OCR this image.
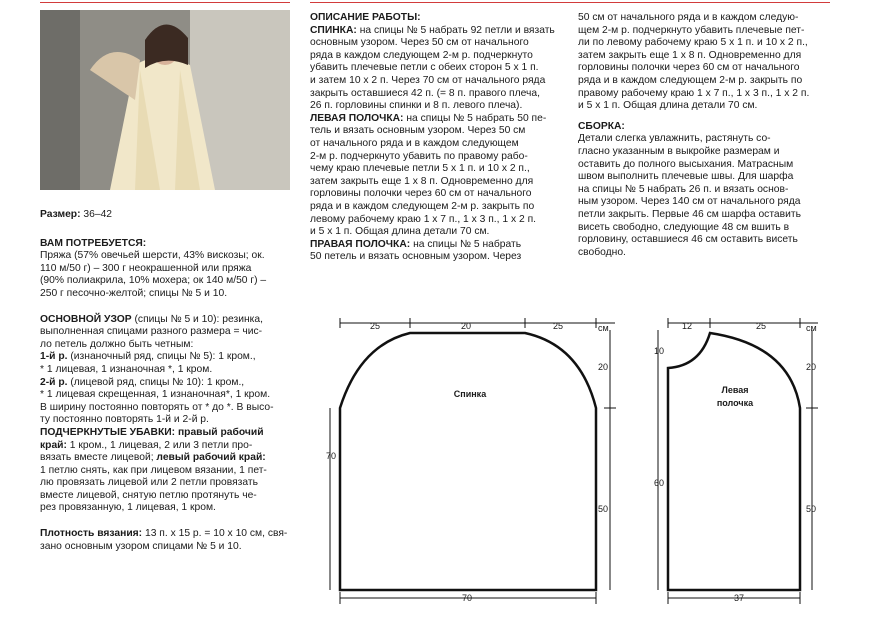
Размер: 36–42

ВАМ ПОТРЕБУЕТСЯ:

Пряжа (57% овечьей шерсти, 43% вискозы; ок.

110 м/50 г) – 300 г неокрашенной или пряжа

(90% полиакрила, 10% мохера; ок 140 м/50 г) –

250 г песочно-желтой; спицы № 5 и 10.

ОСНОВНОЙ УЗОР (спицы № 5 и 10): резинка,

выполненная спицами разного размера = чис-

ло петель должно быть четным:

1-й р. (изнаночный ряд, спицы № 5): 1 кром.,

* 1 лицевая, 1 изнаночная *, 1 кром.

2-й р. (лицевой ряд, спицы № 10): 1 кром.,

* 1 лицевая скрещенная, 1 изнаночная*, 1 кром.

В ширину постоянно повторять от * до *. В высо-

ту постоянно повторять 1-й и 2-й р.

ПОДЧЕРКНУТЫЕ УБАВКИ: правый рабочий

край: 1 кром., 1 лицевая, 2 или 3 петли про-

вязать вместе лицевой; левый рабочий край:

1 петлю снять, как при лицевом вязании, 1 пет-

лю провязать лицевой или 2 петли провязать

вместе лицевой, снятую петлю протянуть че-

рез провязанную, 1 лицевая, 1 кром.

Плотность вязания: 13 п. х 15 р. = 10 х 10 см, свя-

зано основным узором спицами № 5 и 10.

ОПИСАНИЕ РАБОТЫ:

СПИНКА: на спицы № 5 набрать 92 петли и вязать

основным узором. Через 50 см от начального

ряда в каждом следующем 2-м р. подчеркнуто

убавить плечевые петли с обеих сторон 5 х 1 п.

и затем 10 х 2 п. Через 70 см от начального ряда

закрыть оставшиеся 42 п. (= 8 п. правого плеча,

26 п. горловины спинки и 8 п. левого плеча).

ЛЕВАЯ ПОЛОЧКА: на спицы № 5 набрать 50 пе-

тель и вязать основным узором. Через 50 см

от начального ряда и в каждом следующем

2-м р. подчеркнуто убавить по правому рабо-

чему краю плечевые петли 5 х 1 п. и 10 х 2 п.,

затем закрыть еще 1 х 8 п. Одновременно для

горловины полочки через 60 см от начального

ряда и в каждом следующем 2-м р. закрыть по

левому рабочему краю 1 х 7 п., 1 х 3 п., 1 х 2 п.

и 5 х 1 п. Общая длина детали 70 см.

ПРАВАЯ ПОЛОЧКА: на спицы № 5 набрать

50 петель и вязать основным узором. Через

50 см от начального ряда и в каждом следую-

щем 2-м р. подчеркнуто убавить плечевые пет-

ли по левому рабочему краю 5 х 1 п. и 10 х 2 п.,

затем закрыть еще 1 х 8 п. Одновременно для

горловины полочки через 60 см от начального

ряда и в каждом следующем 2-м р. закрыть по

правому рабочему краю 1 х 7 п., 1 х 3 п., 1 х 2 п.

и 5 х 1 п. Общая длина детали 70 см.

СБОРКА:

Детали слегка увлажнить, растянуть со-

гласно указанным в выкройке размерам и

оставить до полного высыхания. Матрасным

швом выполнить плечевые швы. Для шарфа

на спицы № 5 набрать 26 п. и вязать основ-

ным узором. Через 140 см от начального ряда

петли закрыть. Первые 46 см шарфа оставить

висеть свободно, следующие 48 см вшить в

горловину, оставшиеся 46 см оставить висеть

свободно.

Спинка
25	20	25	см
20
70
50
70
Левая
полочка
12	25	см
10
20
60
50
37
